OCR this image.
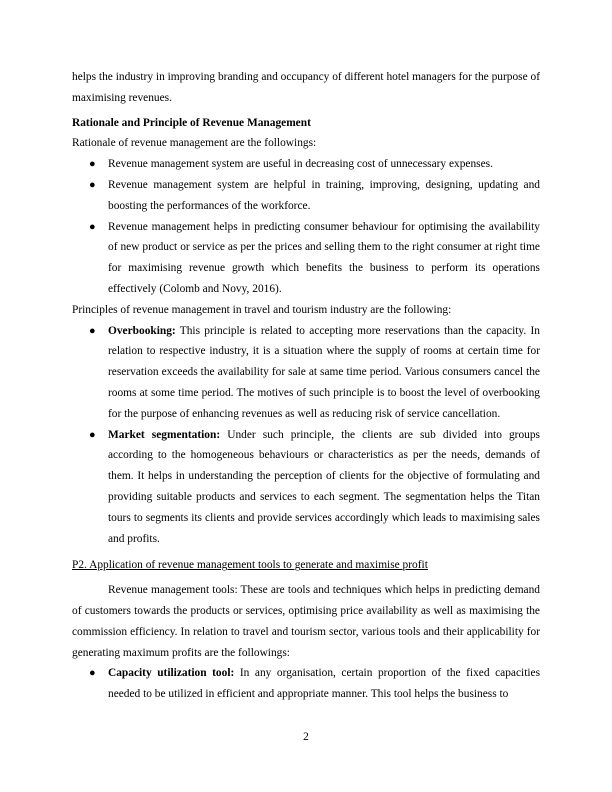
helps the industry in improving branding and occupancy of different hotel managers for the purpose of maximising revenues.

Rationale and Principle of Revenue Management

Rationale of revenue management are the followings:

● Revenue management system are useful in decreasing cost of unnecessary expenses.

● Revenue management system are helpful in training, improving, designing, updating and boosting the performances of the workforce.

● Revenue management helps in predicting consumer behaviour for optimising the availability of new product or service as per the prices and selling them to the right consumer at right time for maximising revenue growth which benefits the business to perform its operations effectively (Colomb and Novy, 2016).

Principles of revenue management in travel and tourism industry are the following:

● Overbooking: This principle is related to accepting more reservations than the capacity. In relation to respective industry, it is a situation where the supply of rooms at certain time for reservation exceeds the availability for sale at same time period. Various consumers cancel the rooms at some time period. The motives of such principle is to boost the level of overbooking for the purpose of enhancing revenues as well as reducing risk of service cancellation.

● Market segmentation: Under such principle, the clients are sub divided into groups according to the homogeneous behaviours or characteristics as per the needs, demands of them. It helps in understanding the perception of clients for the objective of formulating and providing suitable products and services to each segment. The segmentation helps the Titan tours to segments its clients and provide services accordingly which leads to maximising sales and profits.

P2. Application of revenue management tools to generate and maximise profit

Revenue management tools: These are tools and techniques which helps in predicting demand of customers towards the products or services, optimising price availability as well as maximising the commission efficiency. In relation to travel and tourism sector, various tools and their applicability for generating maximum profits are the followings:

● Capacity utilization tool: In any organisation, certain proportion of the fixed capacities needed to be utilized in efficient and appropriate manner. This tool helps the business to

2
